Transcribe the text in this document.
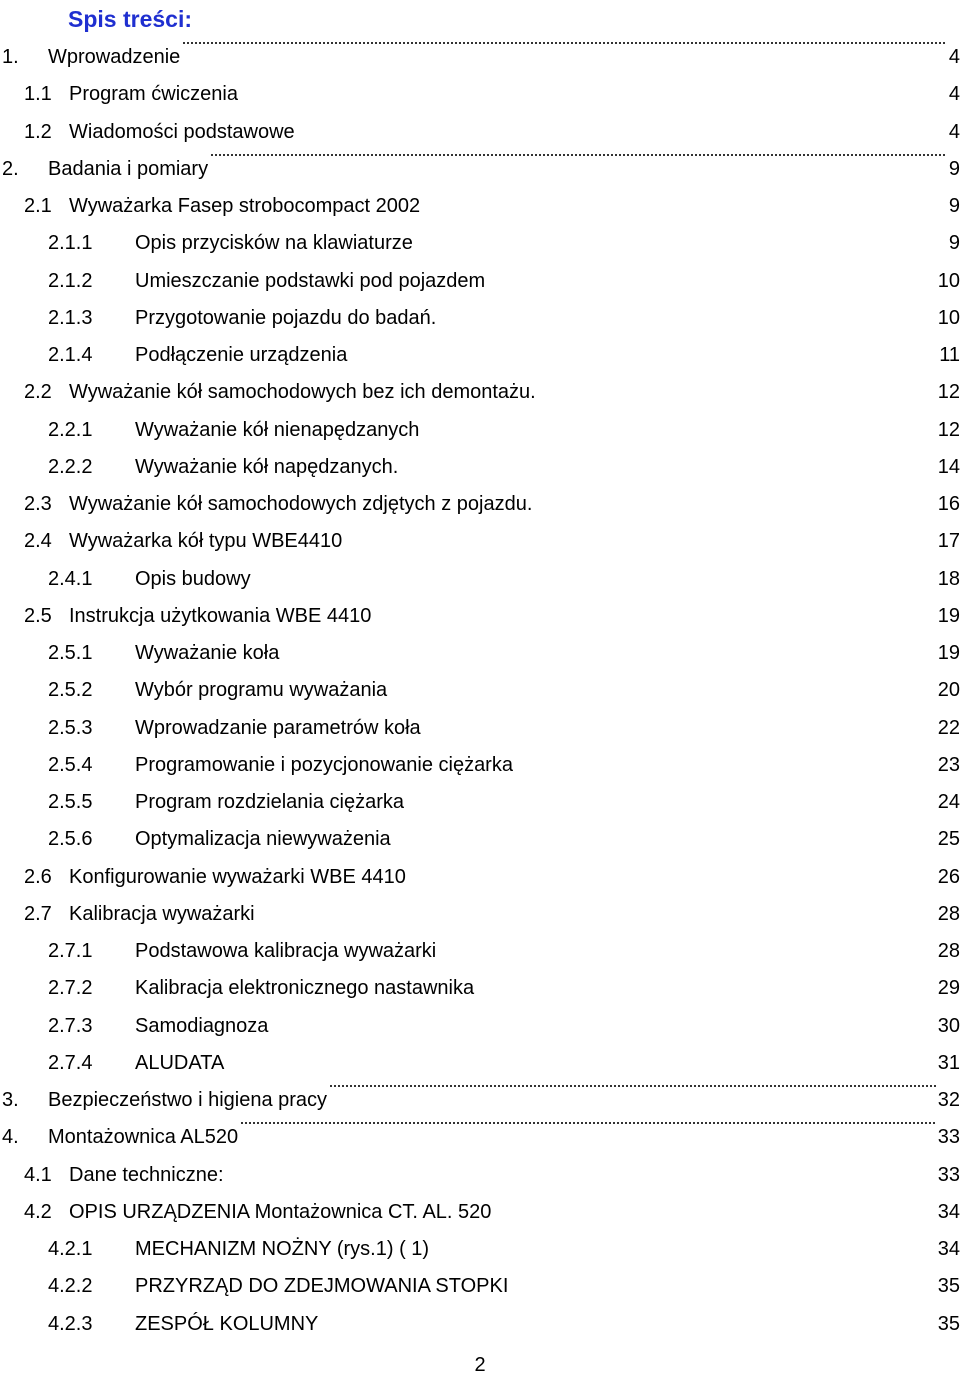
Spis treści:
1. Wprowadzenie	4
1.1 Program ćwiczenia	4
1.2 Wiadomości podstawowe	4
2. Badania i pomiary	9
2.1 Wyważarka Fasep strobocompact 2002	9
2.1.1 Opis przycisków na klawiaturze	9
2.1.2 Umieszczanie podstawki pod pojazdem	10
2.1.3 Przygotowanie pojazdu do badań.	10
2.1.4 Podłączenie urządzenia	11
2.2 Wyważanie kół samochodowych bez ich demontażu.	12
2.2.1 Wyważanie kół nienapędzanych	12
2.2.2 Wyważanie kół napędzanych.	14
2.3 Wyważanie kół samochodowych zdjętych z pojazdu.	16
2.4 Wyważarka kół typu WBE4410	17
2.4.1 Opis budowy	18
2.5 Instrukcja użytkowania WBE 4410	19
2.5.1 Wyważanie koła	19
2.5.2 Wybór programu wyważania	20
2.5.3 Wprowadzanie parametrów koła	22
2.5.4 Programowanie i pozycjonowanie ciężarka	23
2.5.5 Program rozdzielania ciężarka	24
2.5.6 Optymalizacja niewyważenia	25
2.6 Konfigurowanie wyważarki WBE 4410	26
2.7 Kalibracja wyważarki	28
2.7.1 Podstawowa kalibracja wyważarki	28
2.7.2 Kalibracja elektronicznego nastawnika	29
2.7.3 Samodiagnoza	30
2.7.4 ALUDATA	31
3. Bezpieczeństwo i higiena pracy	32
4. Montażownica AL520	33
4.1 Dane techniczne:	33
4.2 OPIS URZĄDZENIA Montażownica CT. AL. 520	34
4.2.1 MECHANIZM NOŻNY (rys.1) ( 1)	34
4.2.2 PRZYRZĄD DO ZDEJMOWANIA STOPKI	35
4.2.3 ZESPÓŁ KOLUMNY	35
2
